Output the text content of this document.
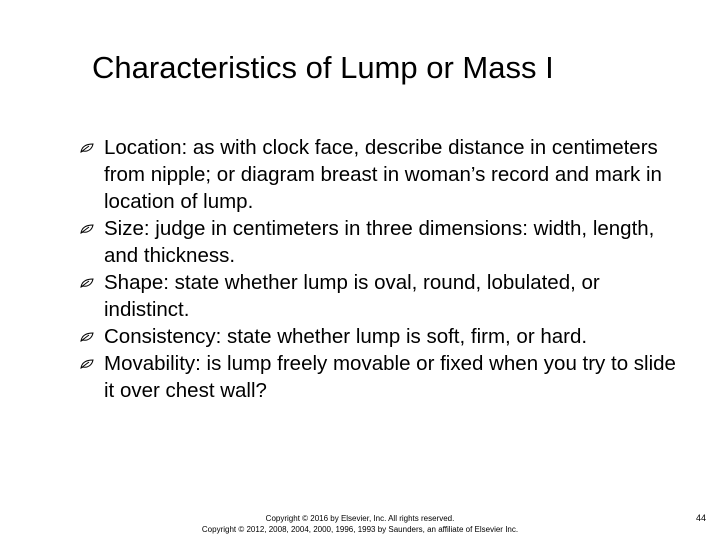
Characteristics of Lump or Mass I
Location: as with clock face, describe distance in centimeters from nipple; or diagram breast in woman’s record and mark in location of lump.
Size: judge in centimeters in three dimensions: width, length, and thickness.
Shape: state whether lump is oval, round, lobulated, or indistinct.
Consistency: state whether lump is soft, firm, or hard.
Movability: is lump freely movable or fixed when you try to slide it over chest wall?
Copyright © 2016 by Elsevier, Inc. All rights reserved.
Copyright © 2012, 2008, 2004, 2000, 1996, 1993 by Saunders, an affiliate of Elsevier Inc.
44
